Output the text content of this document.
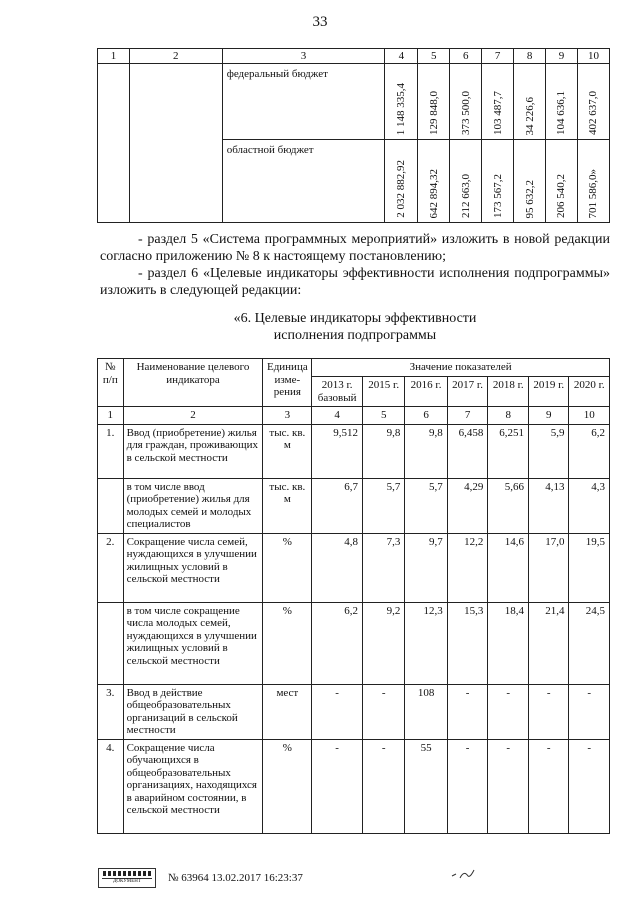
33
1	2	3	4	5	6	7	8	9	10
		федеральный бюджет	1 148 335,4	129 848,0	373 500,0	103 487,7	34 226,6	104 636,1	402 637,0

		областной бюджет	2 032 882,92	642 894,32	212 663,0	173 567,2	95 632,2	206 540,2	701 586,0»
- раздел 5 «Система программных мероприятий» изложить в новой редакции согласно приложению № 8 к настоящему постановлению;
- раздел 6 «Целевые индикаторы эффективности исполнения подпрограммы» изложить в следующей редакции:
«6. Целевые индикаторы эффективности
исполнения подпрограммы
№ п/п	Наименование целевого индикатора	Единица изме-рения	Значение показателей						
			2013 г. базовый	2015 г.	2016 г.	2017 г.	2018 г.	2019 г.	2020 г.
1	2	3	4	5	6	7	8	9	10
1.	Ввод (приобретение) жилья для граждан, проживающих в сельской местности	тыс. кв. м	9,512	9,8	9,8	6,458	6,251	5,9	6,2
	в том числе ввод (приобретение) жилья для молодых семей и молодых специалистов	тыс. кв. м	6,7	5,7	5,7	4,29	5,66	4,13	4,3
2.	Сокращение числа семей, нуждающихся в улучшении жилищных условий в сельской местности	%	4,8	7,3	9,7	12,2	14,6	17,0	19,5
	в том числе сокращение числа молодых семей, нуждающихся в улучшении жилищных условий в сельской местности	%	6,2	9,2	12,3	15,3	18,4	21,4	24,5
3.	Ввод в действие общеобразовательных организаций в сельской местности	мест	-	-	108	-	-	-	-
4.	Сокращение числа обучающихся в общеобразовательных организациях, находящихся в аварийном состоянии, в сельской местности	%	-	-	55	-	-	-	-
ДОКУМЕНТ № 63964 13.02.2017 16:23:37
